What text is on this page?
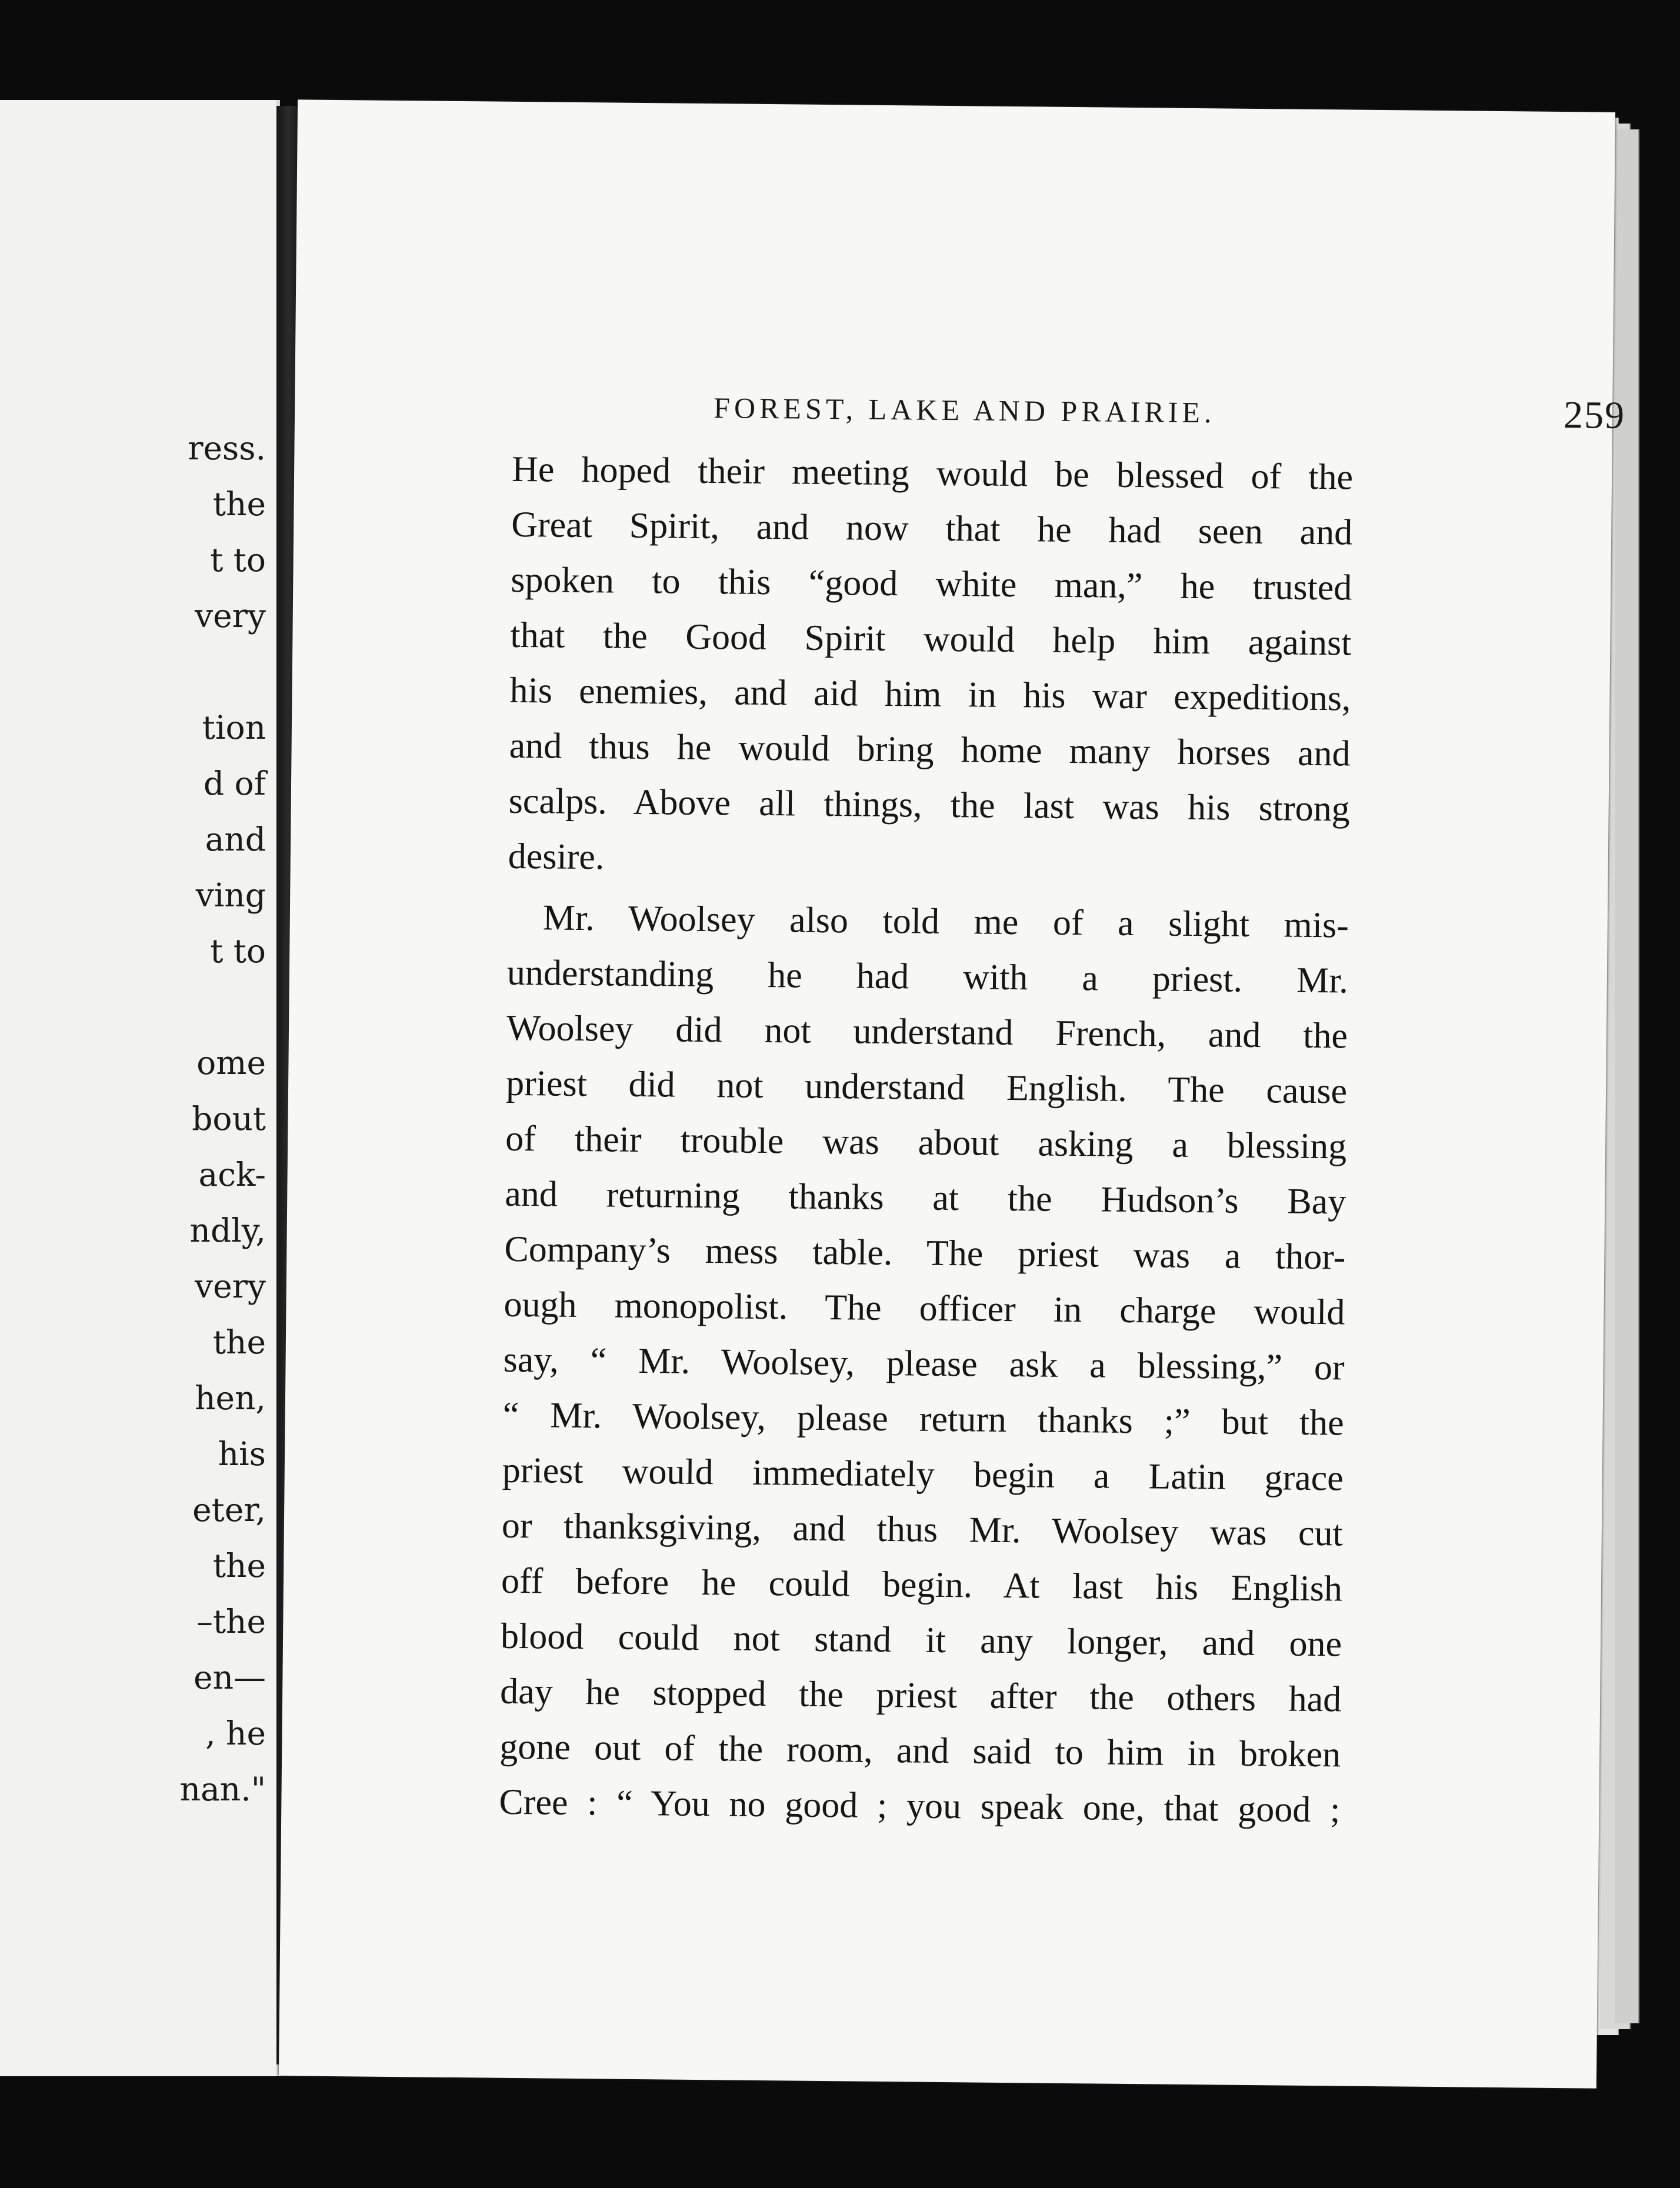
ress.
the
t to
very
tion
d of
and
ving
t to
ome
bout
ack-
ndly,
very
the
hen,
his
eter,
the
–the
en—
, he
nan."
FOREST, LAKE AND PRAIRIE.	259
He hoped their meeting would be blessed of the
Great Spirit, and now that he had seen and
spoken to this “good white man,” he trusted
that the Good Spirit would help him against
his enemies, and aid him in his war expeditions,
and thus he would bring home many horses and
scalps. Above all things, the last was his strong
desire.
Mr. Woolsey also told me of a slight mis-
understanding he had with a priest. Mr.
Woolsey did not understand French, and the
priest did not understand English. The cause
of their trouble was about asking a blessing
and returning thanks at the Hudson’s Bay
Company’s mess table. The priest was a thor-
ough monopolist. The officer in charge would
say, “ Mr. Woolsey, please ask a blessing,” or
“ Mr. Woolsey, please return thanks ;” but the
priest would immediately begin a Latin grace
or thanksgiving, and thus Mr. Woolsey was cut
off before he could begin. At last his English
blood could not stand it any longer, and one
day he stopped the priest after the others had
gone out of the room, and said to him in broken
Cree : “ You no good ; you speak one, that good ;
